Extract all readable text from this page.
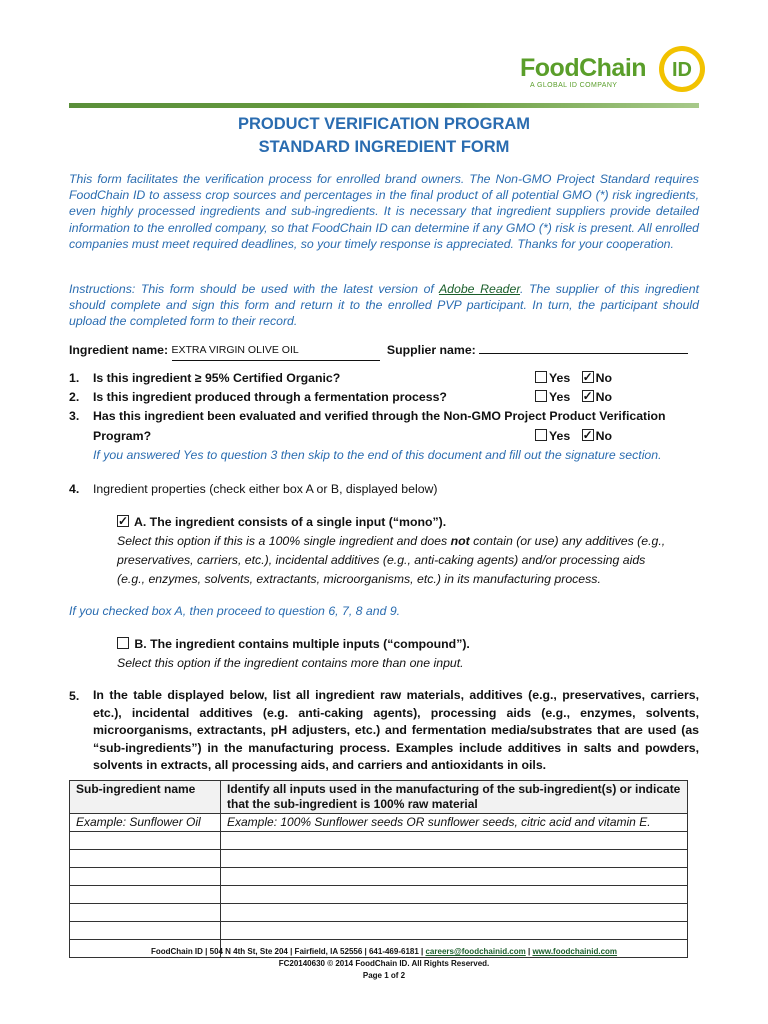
FoodChain
A GLOBAL ID COMPANY
ID
PRODUCT VERIFICATION PROGRAM
STANDARD INGREDIENT FORM
This form facilitates the verification process for enrolled brand owners. The Non-GMO Project Standard requires FoodChain ID to assess crop sources and percentages in the final product of all potential GMO (*) risk ingredients, even highly processed ingredients and sub-ingredients. It is necessary that ingredient suppliers provide detailed information to the enrolled company, so that FoodChain ID can determine if any GMO (*) risk is present. All enrolled companies must meet required deadlines, so your timely response is appreciated. Thanks for your cooperation.
Instructions: This form should be used with the latest version of Adobe Reader. The supplier of this ingredient should complete and sign this form and return it to the enrolled PVP participant. In turn, the participant should upload the completed form to their record.
Ingredient name: EXTRA VIRGIN OLIVE OIL	Supplier name:
1. Is this ingredient ≥ 95% Certified Organic?	Yes ✓ No
2. Is this ingredient produced through a fermentation process?	Yes ✓ No
3. Has this ingredient been evaluated and verified through the Non-GMO Project Product Verification
Program?	Yes ✓ No
If you answered Yes to question 3 then skip to the end of this document and fill out the signature section.
4. Ingredient properties (check either box A or B, displayed below)
✓ A. The ingredient consists of a single input (“mono”).
Select this option if this is a 100% single ingredient and does not contain (or use) any additives (e.g.,
preservatives, carriers, etc.), incidental additives (e.g., anti-caking agents) and/or processing aids
(e.g., enzymes, solvents, extractants, microorganisms, etc.) in its manufacturing process.
If you checked box A, then proceed to question 6, 7, 8 and 9.
B. The ingredient contains multiple inputs (“compound”).
Select this option if the ingredient contains more than one input.
5. In the table displayed below, list all ingredient raw materials, additives (e.g., preservatives, carriers, etc.), incidental additives (e.g. anti-caking agents), processing aids (e.g., enzymes, solvents, microorganisms, extractants, pH adjusters, etc.) and fermentation media/substrates that are used (as “sub-ingredients”) in the manufacturing process. Examples include additives in salts and powders, solvents in extracts, all processing aids, and carriers and antioxidants in oils.
Sub-ingredient name	Identify all inputs used in the manufacturing of the sub-ingredient(s) or indicate that the sub-ingredient is 100% raw material
Example: Sunflower Oil	Example: 100% Sunflower seeds OR sunflower seeds, citric acid and vitamin E.

FoodChain ID | 504 N 4th St, Ste 204 | Fairfield, IA 52556 | 641-469-6181 | careers@foodchainid.com | www.foodchainid.com
FC20140630 © 2014 FoodChain ID. All Rights Reserved.
Page 1 of 2
